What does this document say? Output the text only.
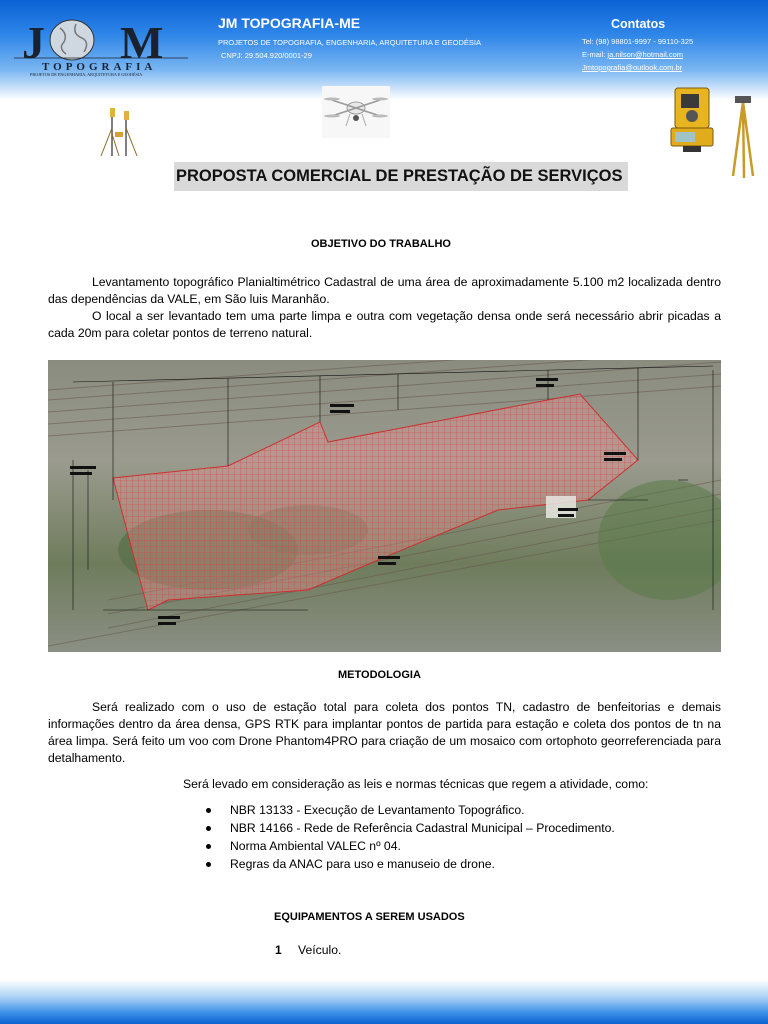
J M
TOPOGRAFIA
PROJETOS DE ENGENHARIA, ARQUITETURA E GEODÉSIA
JM TOPOGRAFIA-ME
PROJETOS DE TOPOGRAFIA, ENGENHARIA, ARQUITETURA E GEODÉSIA
CNPJ: 29.504.920/0001-29
Contatos
Tel: (98) 98801-9997 - 99110-325
E-mail: ja.nilson@hotmail.com
Jmtopografia@outlook.com.br
PROPOSTA COMERCIAL DE PRESTAÇÃO DE SERVIÇOS
OBJETIVO DO TRABALHO

Levantamento topográfico Planialtimétrico Cadastral de uma área de aproximadamente 5.100 m2 localizada dentro das dependências da VALE, em São luis Maranhão.

O local a ser levantado tem uma parte limpa e outra com vegetação densa onde será necessário abrir picadas a cada 20m para coletar pontos de terreno natural.

METODOLOGIA

Será realizado com o uso de estação total para coleta dos pontos TN, cadastro de benfeitorias e demais informações dentro da área densa, GPS RTK para implantar pontos de partida para estação e coleta dos pontos de tn na área limpa. Será feito um voo com Drone Phantom4PRO para criação de um mosaico com ortophoto georreferenciada para detalhamento.

Será levado em consideração as leis e normas técnicas que regem a atividade, como:

NBR 13133 - Execução de Levantamento Topográfico.
NBR 14166 - Rede de Referência Cadastral Municipal – Procedimento.
Norma Ambiental VALEC nº 04.
Regras da ANAC para uso e manuseio de drone.
EQUIPAMENTOS A SEREM USADOS
1 Veículo.
